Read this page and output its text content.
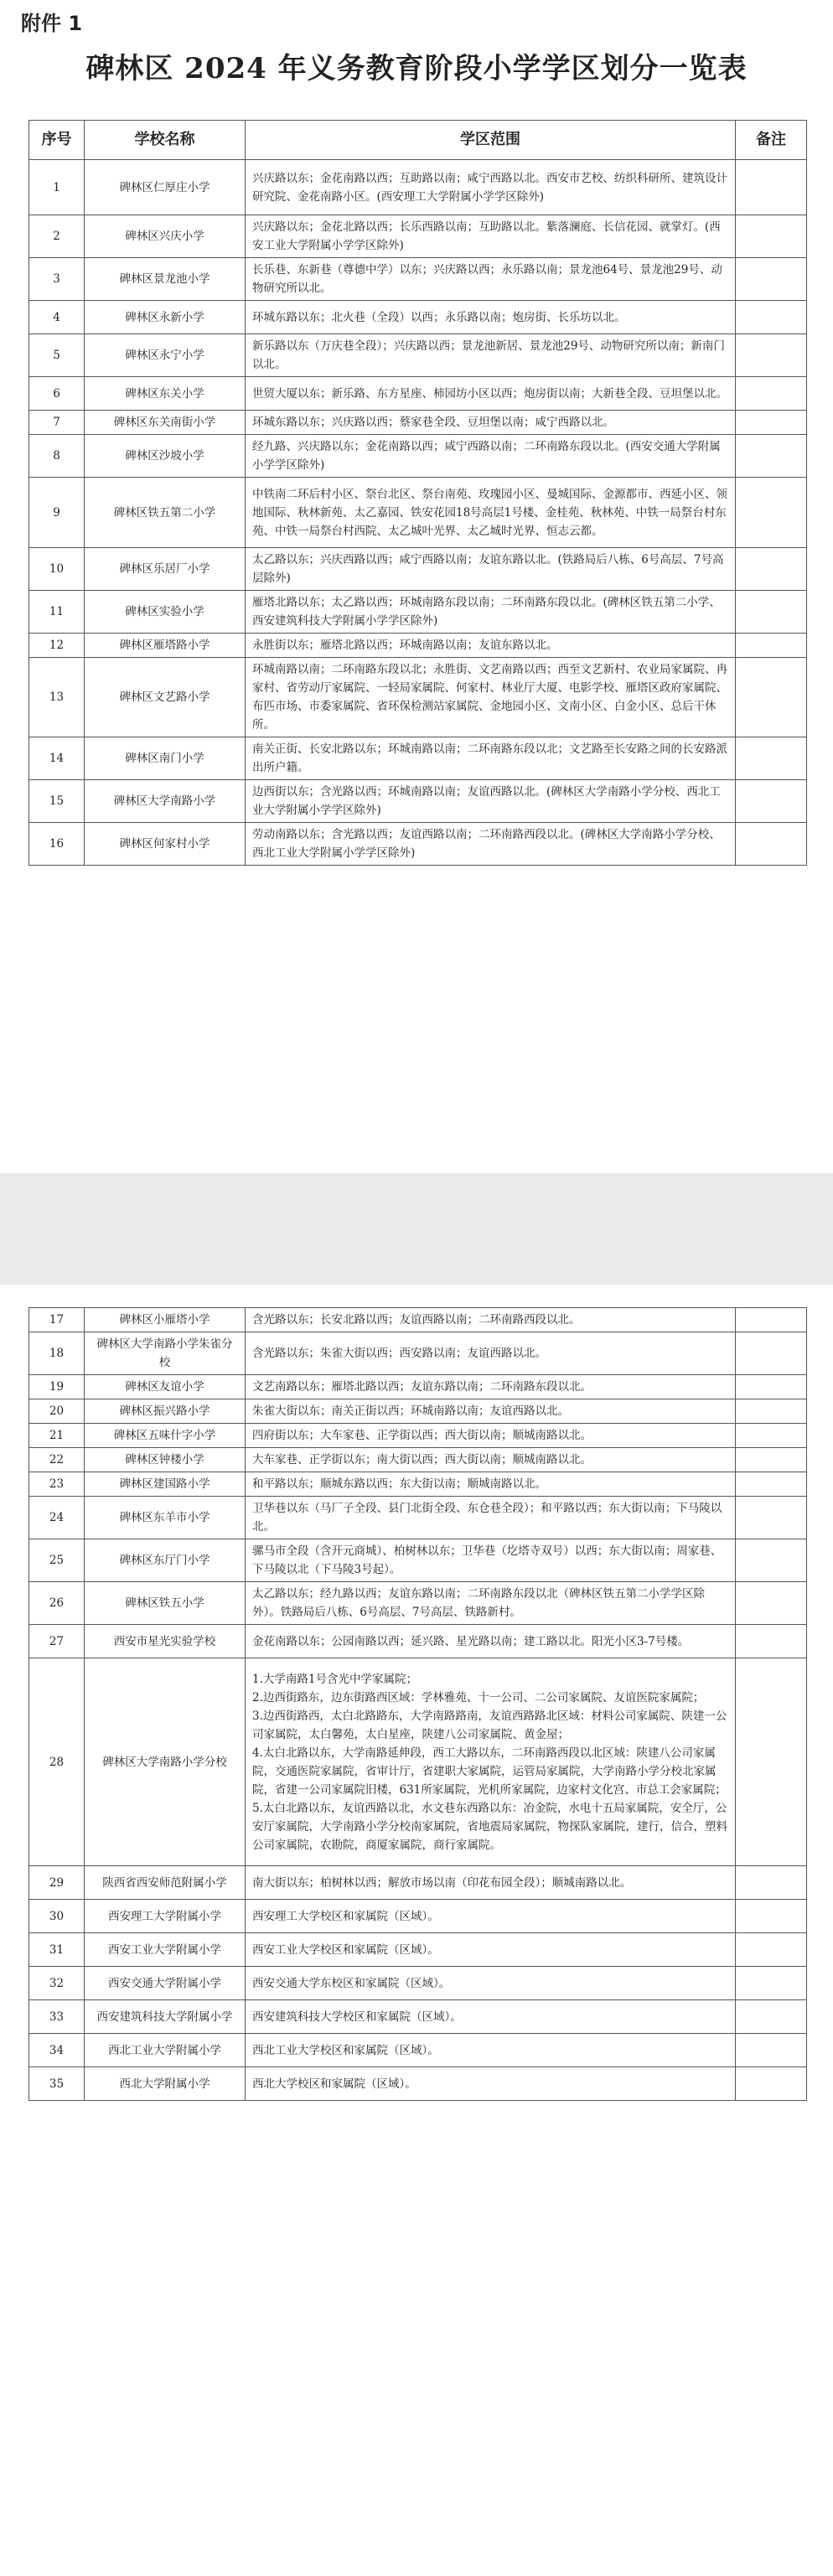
附件 1
碑林区 2024 年义务教育阶段小学学区划分一览表
序号	学校名称	学区范围	备注
1	碑林区仁厚庄小学	兴庆路以东；金花南路以西；互助路以南；咸宁西路以北。西安市艺校、纺织科研所、建筑设计研究院、金花南路小区。(西安理工大学附属小学学区除外)	

2	碑林区兴庆小学	兴庆路以东；金花北路以西；长乐西路以南；互助路以北。紫落澜庭、长信花园、就掌灯。(西安工业大学附属小学学区除外)	

3	碑林区景龙池小学	长乐巷、东新巷（尊德中学）以东；兴庆路以西；永乐路以南；景龙池64号、景龙池29号、动物研究所以北。	

4	碑林区永新小学	环城东路以东；北火巷（全段）以西；永乐路以南；炮房街、长乐坊以北。	

5	碑林区永宁小学	新乐路以东（万庆巷全段）；兴庆路以西；景龙池新居、景龙池29号、动物研究所以南；新南门以北。	

6	碑林区东关小学	世贸大厦以东；新乐路、东方星座、柿园坊小区以西；炮房街以南；大新巷全段、豆坦堡以北。	

7	碑林区东关南街小学	环城东路以东；兴庆路以西；蔡家巷全段、豆坦堡以南；咸宁西路以北。	

8	碑林区沙坡小学	经九路、兴庆路以东；金花南路以西；咸宁西路以南；二环南路东段以北。(西安交通大学附属小学学区除外)	

9	碑林区铁五第二小学	中铁南二环后村小区、祭台北区、祭台南苑、玫瑰园小区、曼城国际、金源都市、西延小区、领地国际、秋林新苑、太乙嘉园、铁安花园18号高层1号楼、金桂苑、秋林苑、中铁一局祭台村东苑、中铁一局祭台村西院、太乙城叶光界、太乙城时光界、恒志云都。	

10	碑林区乐居厂小学	太乙路以东；兴庆西路以西；咸宁西路以南；友谊东路以北。(铁路局后八栋、6号高层、7号高层除外)	

11	碑林区实验小学	雁塔北路以东；太乙路以西；环城南路东段以南；二环南路东段以北。(碑林区铁五第二小学、西安建筑科技大学附属小学学区除外)	

12	碑林区雁塔路小学	永胜街以东；雁塔北路以西；环城南路以南；友谊东路以北。	

13	碑林区文艺路小学	环城南路以南；二环南路东段以北；永胜街、文艺南路以西；西至文艺新村、农业局家属院、冉家村、省劳动厅家属院、一轻局家属院、何家村、林业厅大厦、电影学校、雁塔区政府家属院、布匹市场、市委家属院、省环保检测站家属院、金地园小区、文南小区、白金小区、总后干休所。	

14	碑林区南门小学	南关正街、长安北路以东；环城南路以南；二环南路东段以北；文艺路至长安路之间的长安路派出所户籍。	

15	碑林区大学南路小学	边西街以东；含光路以西；环城南路以南；友谊西路以北。(碑林区大学南路小学分校、西北工业大学附属小学学区除外)	

16	碑林区何家村小学	劳动南路以东；含光路以西；友谊西路以南；二环南路西段以北。(碑林区大学南路小学分校、西北工业大学附属小学学区除外)	

17	碑林区小雁塔小学	含光路以东；长安北路以西；友谊西路以南；二环南路西段以北。	

18	碑林区大学南路小学朱雀分校	含光路以东；朱雀大街以西；西安路以南；友谊西路以北。	

19	碑林区友谊小学	文艺南路以东；雁塔北路以西；友谊东路以南；二环南路东段以北。	

20	碑林区振兴路小学	朱雀大街以东；南关正街以西；环城南路以南；友谊西路以北。	

21	碑林区五味什字小学	四府街以东；大车家巷、正学街以西；西大街以南；顺城南路以北。	

22	碑林区钟楼小学	大车家巷、正学街以东；南大街以西；西大街以南；顺城南路以北。	

23	碑林区建国路小学	和平路以东；顺城东路以西；东大街以南；顺城南路以北。	

24	碑林区东羊市小学	卫华巷以东（马厂子全段、县门北街全段、东仓巷全段）；和平路以西；东大街以南；下马陵以北。	

25	碑林区东厅门小学	骡马市全段（含开元商城）、柏树林以东；卫华巷（圪塔寺双号）以西；东大街以南；周家巷、下马陵以北（下马陵3号起）。	

26	碑林区铁五小学	太乙路以东；经九路以西；友谊东路以南；二环南路东段以北（碑林区铁五第二小学学区除外）。铁路局后八栋、6号高层、7号高层、铁路新村。	

27	西安市星光实验学校	金花南路以东；公园南路以西；延兴路、星光路以南；建工路以北。阳光小区3-7号楼。	

28	碑林区大学南路小学分校	1.大学南路1号含光中学家属院；
2.边西街路东，边东街路西区域：学林雅苑、十一公司、二公司家属院、友谊医院家属院；
3.边西街路西，太白北路路东，大学南路路南，友谊西路路北区域：材料公司家属院、陕建一公司家属院，太白馨苑，太白星座，陕建八公司家属院、黄金屋；
4.太白北路以东，大学南路延伸段，西工大路以东，二环南路西段以北区域：陕建八公司家属院，交通医院家属院，省审计厅，省建职大家属院，运管局家属院，大学南路小学分校北家属院，省建一公司家属院旧楼，631所家属院，光机所家属院，边家村文化宫、市总工会家属院；
5.太白北路以东，友谊西路以北，水文巷东西路以东：冶金院，水电十五局家属院，安全厅，公安厅家属院，大学南路小学分校南家属院，省地震局家属院，物探队家属院，建行，信合，塑料公司家属院，农勘院，商厦家属院，商行家属院。	

29	陕西省西安师范附属小学	南大街以东；柏树林以西；解放市场以南（印花布园全段）；顺城南路以北。	

30	西安理工大学附属小学	西安理工大学校区和家属院（区域）。	

31	西安工业大学附属小学	西安工业大学校区和家属院（区域）。	

32	西安交通大学附属小学	西安交通大学东校区和家属院（区域）。	

33	西安建筑科技大学附属小学	西安建筑科技大学校区和家属院（区域）。	

34	西北工业大学附属小学	西北工业大学校区和家属院（区域）。	

35	西北大学附属小学	西北大学校区和家属院（区域）。	
